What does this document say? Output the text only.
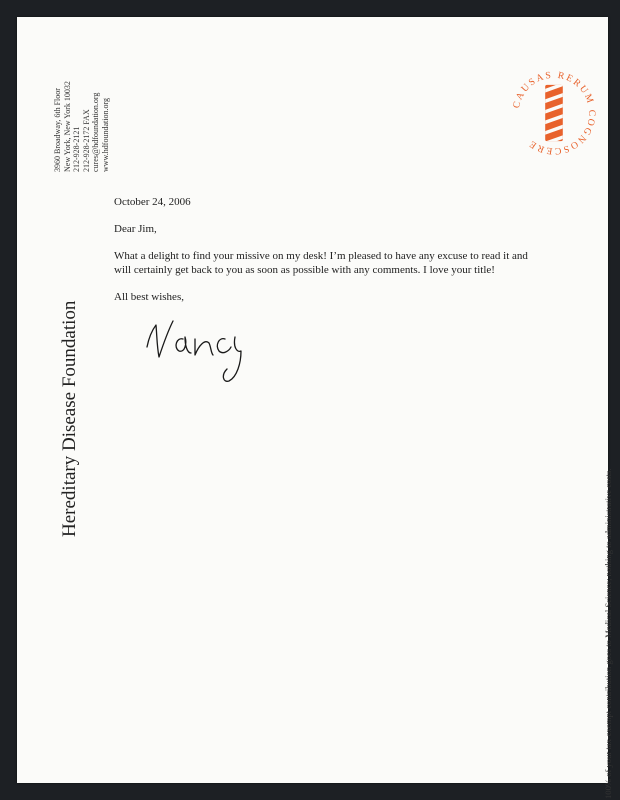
Hereditary Disease Foundation
3960 Broadway, 6th Floor New York, New York 10032 212-928-2121 212-928-2172 FAX cures@hdfoundation.org www.hdfoundation.org	CAUSAS RERUM COGNOSCERE

October 24, 2006

Dear Jim,

What a delight to find your missive on my desk! I’m pleased to have any excuse to read it and will certainly get back to you as soon as possible with any comments. I love your title!

All best wishes,

100% of your tax-exempt contribution goes to Medical Science; nothing to administrative costs.
